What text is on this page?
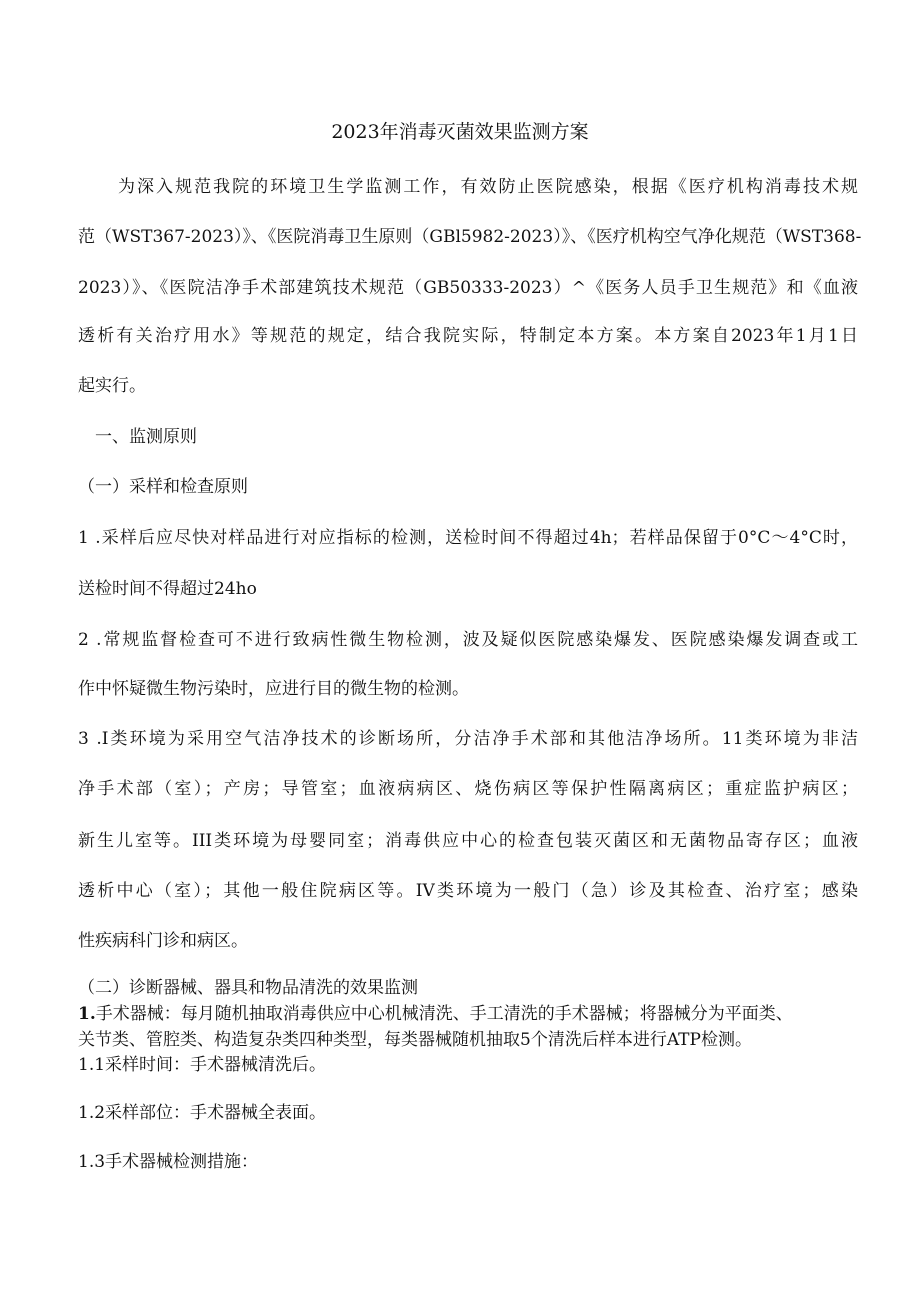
2023年消毒灭菌效果监测方案
为深入规范我院的环境卫生学监测工作，有效防止医院感染，根据《医疗机构消毒技术规
范（WST367-2023）》、《医院消毒卫生原则（GBl5982-2023）》、《医疗机构空气净化规范（WST368-
2023）》、《医院洁净手术部建筑技术规范（GB50333-2023）^《医务人员手卫生规范》和《血液
透析有关治疗用水》等规范的规定，结合我院实际，特制定本方案。本方案自2023年1月1日
起实行。
一、监测原则
（一）采样和检查原则
1 .采样后应尽快对样品进行对应指标的检测，送检时间不得超过4h；若样品保留于0°C～4°C时，
送检时间不得超过24ho
2 .常规监督检查可不进行致病性微生物检测，波及疑似医院感染爆发、医院感染爆发调查或工
作中怀疑微生物污染时，应进行目的微生物的检测。
3 .I类环境为采用空气洁净技术的诊断场所，分洁净手术部和其他洁净场所。11类环境为非洁
净手术部（室）；产房；导管室；血液病病区、烧伤病区等保护性隔离病区；重症监护病区；
新生儿室等。III类环境为母婴同室；消毒供应中心的检查包装灭菌区和无菌物品寄存区；血液
透析中心（室）；其他一般住院病区等。IV类环境为一般门（急）诊及其检查、治疗室；感染
性疾病科门诊和病区。
（二）诊断器械、器具和物品清洗的效果监测
1.手术器械：每月随机抽取消毒供应中心机械清洗、手工清洗的手术器械；将器械分为平面类、
关节类、管腔类、构造复杂类四种类型，每类器械随机抽取5个清洗后样本进行ATP检测。
1.1采样时间：手术器械清洗后。
1.2采样部位：手术器械全表面。
1.3手术器械检测措施：
